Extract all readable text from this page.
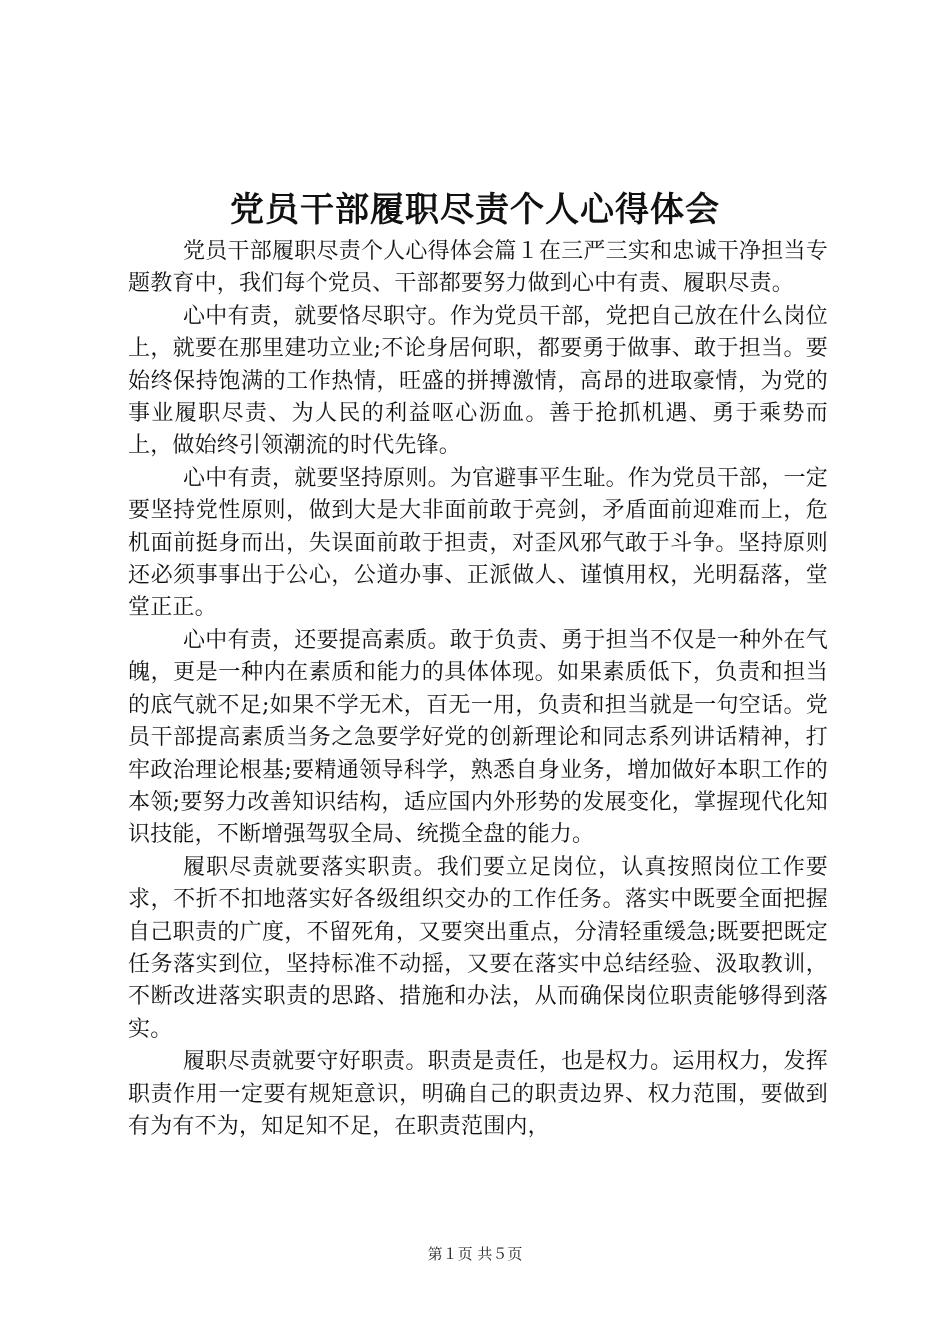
党员干部履职尽责个人心得体会

党员干部履职尽责个人心得体会篇１在三严三实和忠诚干净担当专题教育中，我们每个党员、干部都要努力做到心中有责、履职尽责。

心中有责，就要恪尽职守。作为党员干部，党把自己放在什么岗位上，就要在那里建功立业;不论身居何职，都要勇于做事、敢于担当。要始终保持饱满的工作热情，旺盛的拼搏激情，高昂的进取豪情，为党的事业履职尽责、为人民的利益呕心沥血。善于抢抓机遇、勇于乘势而上，做始终引领潮流的时代先锋。

心中有责，就要坚持原则。为官避事平生耻。作为党员干部，一定要坚持党性原则，做到大是大非面前敢于亮剑，矛盾面前迎难而上，危机面前挺身而出，失误面前敢于担责，对歪风邪气敢于斗争。坚持原则还必须事事出于公心，公道办事、正派做人、谨慎用权，光明磊落，堂堂正正。

心中有责，还要提高素质。敢于负责、勇于担当不仅是一种外在气魄，更是一种内在素质和能力的具体体现。如果素质低下，负责和担当的底气就不足;如果不学无术，百无一用，负责和担当就是一句空话。党员干部提高素质当务之急要学好党的创新理论和同志系列讲话精神，打牢政治理论根基;要精通领导科学，熟悉自身业务，增加做好本职工作的本领;要努力改善知识结构，适应国内外形势的发展变化，掌握现代化知识技能，不断增强驾驭全局、统揽全盘的能力。

履职尽责就要落实职责。我们要立足岗位，认真按照岗位工作要求，不折不扣地落实好各级组织交办的工作任务。落实中既要全面把握自己职责的广度，不留死角，又要突出重点，分清轻重缓急;既要把既定任务落实到位，坚持标准不动摇，又要在落实中总结经验、汲取教训，不断改进落实职责的思路、措施和办法，从而确保岗位职责能够得到落实。

履职尽责就要守好职责。职责是责任，也是权力。运用权力，发挥职责作用一定要有规矩意识，明确自己的职责边界、权力范围，要做到有为有不为，知足知不足，在职责范围内，

第１页 共５页
